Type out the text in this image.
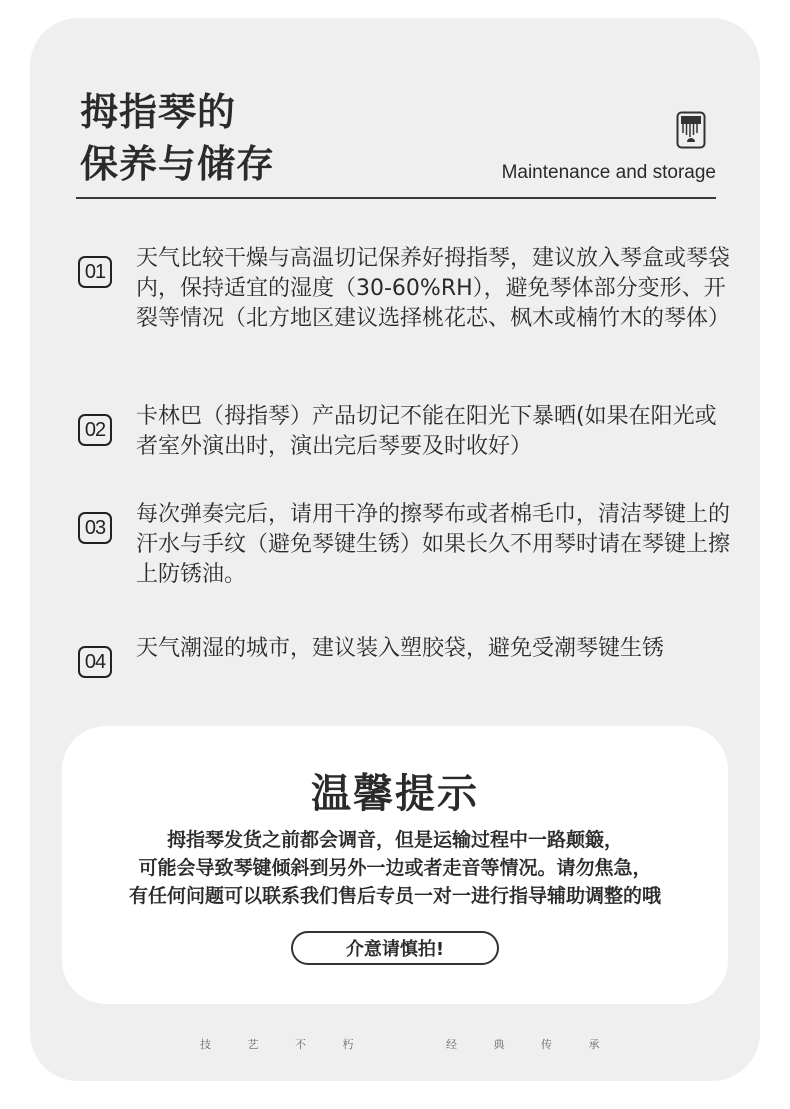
拇指琴的
保养与储存	Maintenance and storage
01
天气比较干燥与高温切记保养好拇指琴，建议放入琴盒或琴袋内，保持适宜的湿度（30-60%RH），避免琴体部分变形、开裂等情况（北方地区建议选择桃花芯、枫木或楠竹木的琴体）
02
卡林巴（拇指琴）产品切记不能在阳光下暴晒(如果在阳光或者室外演出时，演出完后琴要及时收好）
03
每次弹奏完后，请用干净的擦琴布或者棉毛巾，清洁琴键上的汗水与手纹（避免琴键生锈）如果长久不用琴时请在琴键上擦上防锈油。
04
天气潮湿的城市，建议装入塑胶袋，避免受潮琴键生锈
温馨提示
拇指琴发货之前都会调音，但是运输过程中一路颠簸，
可能会导致琴键倾斜到另外一边或者走音等情况。请勿焦急，
有任何问题可以联系我们售后专员一对一进行指导辅助调整的哦
介意请慎拍!
技	艺	不	朽	经	典	传	承
